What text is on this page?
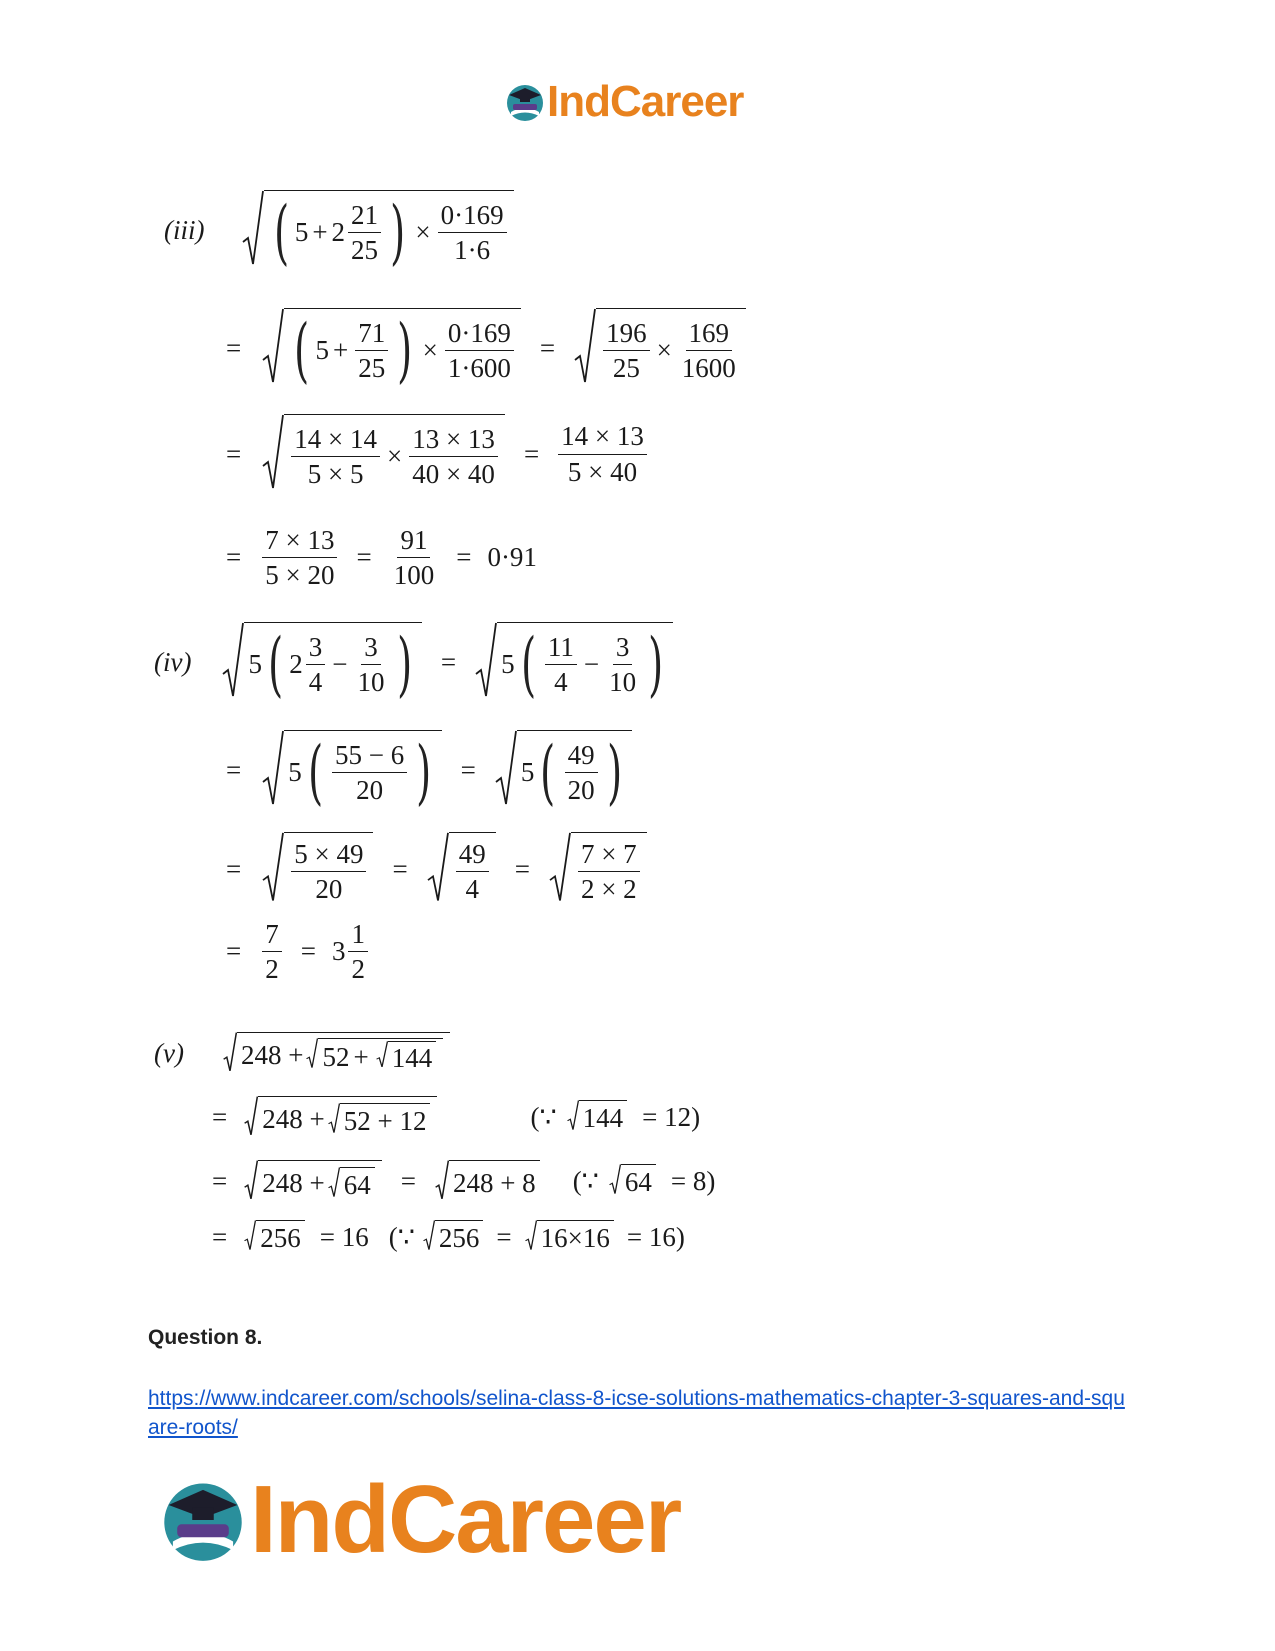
IndCareer
(iii) ( $5 + 2 \frac{21}{25}$ ) × $\frac{0\cdot 169}{1\cdot 6}$
= ( $5 + \frac{71}{25}$ ) × $\frac{0\cdot 169}{1\cdot 600} = \frac{196}{25} \times \frac{169}{1600}$
= $\frac{14 \times 14}{5 \times 5} \times \frac{13 \times 13}{40 \times 40} = \frac{14 \times 13}{5 \times 40}$
= $\frac{7 \times 13}{5 \times 20} = \frac{91}{100} = 0\cdot 91$
(iv) 5 ( $2 \frac{3}{4} - \frac{3}{10}$ ) = 5 ( $\frac{11}{4} - \frac{3}{10}$ )
= 5 ( $\frac{55 - 6}{20}$ ) = 5 ( $\frac{49}{20}$ )
= $\frac{5 \times 49}{20} = \frac{49}{4} = \frac{7 \times 7}{2 \times 2}$
= $\frac{7}{2} = 3 \frac{1}{2}$
(v) 248 + 52 + 144
= 248 + 52 + 12	(∵ 144 = 12)
= 248 + 64 = 248 + 8 (∵ 64 = 8)
= 256 = 16 (∵ 256 = 16×16 = 16)
Question 8.
https://www.indcareer.com/schools/selina-class-8-icse-solutions-mathematics-chapter-3-squares-and-square-roots/
IndCareer
